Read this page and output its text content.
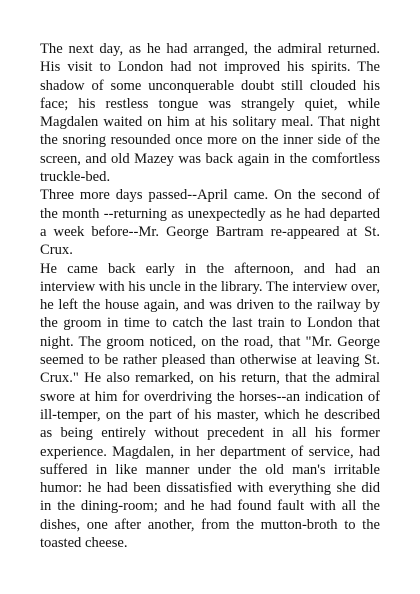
The next day, as he had arranged, the admiral returned. His visit to London had not improved his spirits. The shadow of some unconquerable doubt still clouded his face; his restless tongue was strangely quiet, while Magdalen waited on him at his solitary meal. That night the snoring resounded once more on the inner side of the screen, and old Mazey was back again in the comfortless truckle-bed.

Three more days passed--April came. On the second of the month --returning as unexpectedly as he had departed a week before--Mr. George Bartram re-appeared at St. Crux.

He came back early in the afternoon, and had an interview with his uncle in the library. The interview over, he left the house again, and was driven to the railway by the groom in time to catch the last train to London that night. The groom noticed, on the road, that "Mr. George seemed to be rather pleased than otherwise at leaving St. Crux." He also remarked, on his return, that the admiral swore at him for overdriving the horses--an indication of ill-temper, on the part of his master, which he described as being entirely without precedent in all his former experience. Magdalen, in her department of service, had suffered in like manner under the old man's irritable humor: he had been dissatisfied with everything she did in the dining-room; and he had found fault with all the dishes, one after another, from the mutton-broth to the toasted cheese.
